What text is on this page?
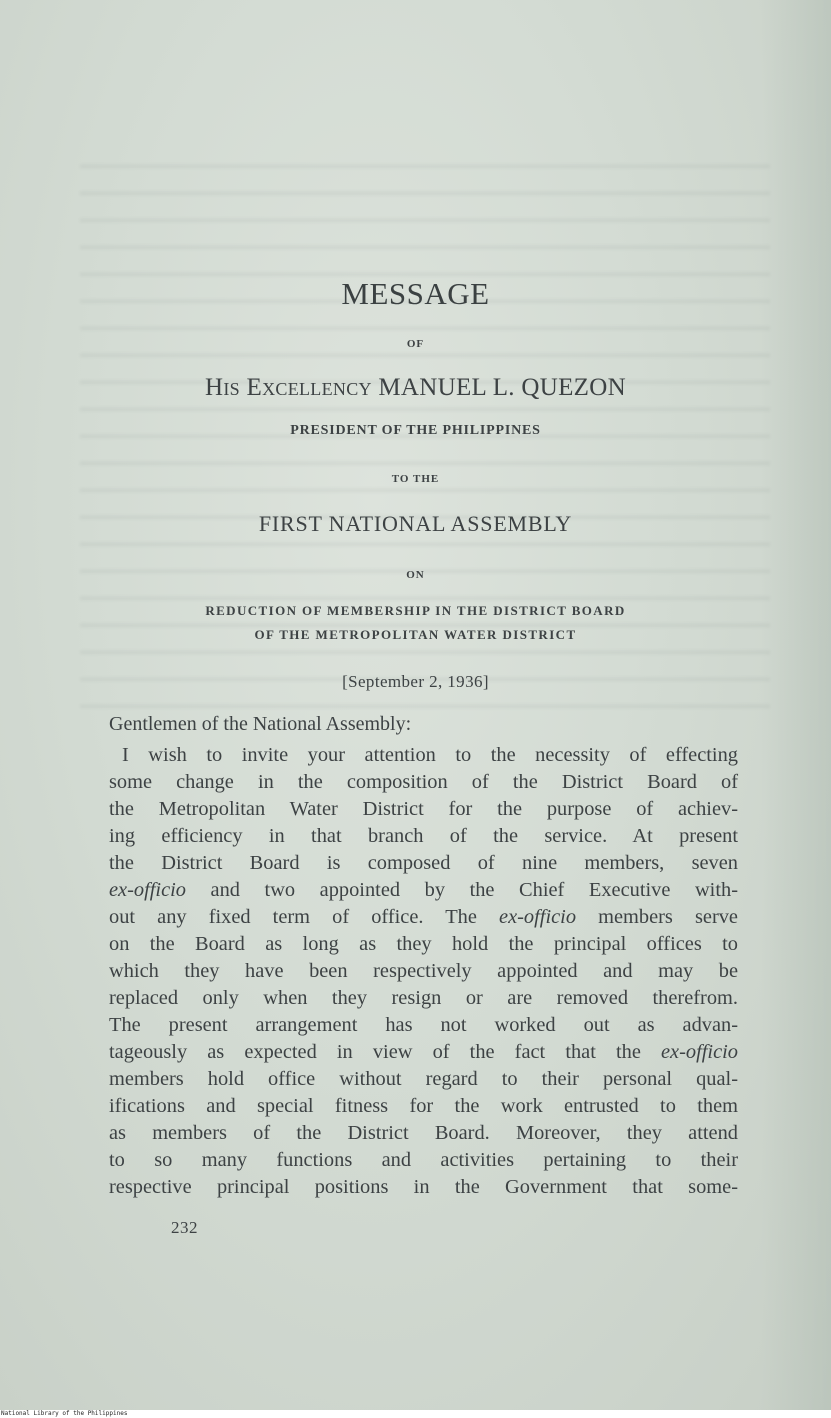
MESSAGE
OF
His Excellency MANUEL L. QUEZON
PRESIDENT OF THE PHILIPPINES
TO THE
FIRST NATIONAL ASSEMBLY
ON
REDUCTION OF MEMBERSHIP IN THE DISTRICT BOARD
OF THE METROPOLITAN WATER DISTRICT
[September 2, 1936]
Gentlemen of the National Assembly:
I wish to invite your attention to the necessity of effecting
some change in the composition of the District Board of
the Metropolitan Water District for the purpose of achiev-
ing efficiency in that branch of the service. At present
the District Board is composed of nine members, seven
ex-officio and two appointed by the Chief Executive with-
out any fixed term of office. The ex-officio members serve
on the Board as long as they hold the principal offices to
which they have been respectively appointed and may be
replaced only when they resign or are removed therefrom.
The present arrangement has not worked out as advan-
tageously as expected in view of the fact that the ex-officio
members hold office without regard to their personal qual-
ifications and special fitness for the work entrusted to them
as members of the District Board. Moreover, they attend
to so many functions and activities pertaining to their
respective principal positions in the Government that some-
232
National Library of the Philippines
